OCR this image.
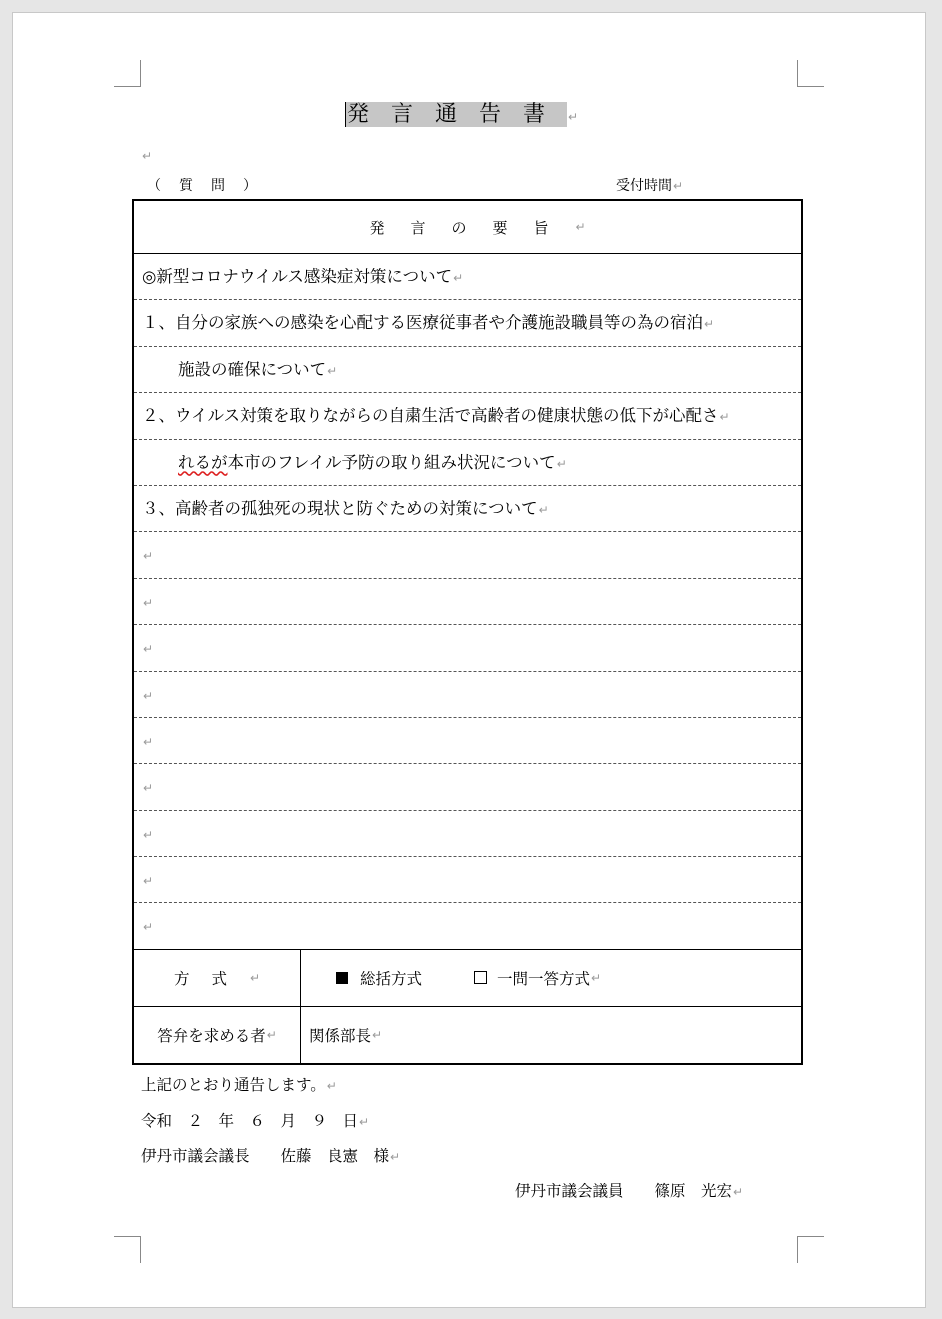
発言通告書↵
↵
（　質　問　）	受付時間↵
発言の要旨 ↵
◎新型コロナウイルス感染症対策について↵
１、自分の家族への感染を心配する医療従事者や介護施設職員等の為の宿泊↵
施設の確保について↵
２、ウイルス対策を取りながらの自粛生活で高齢者の健康状態の低下が心配さ↵
れるが本市のフレイル予防の取り組み状況について↵
３、高齢者の孤独死の現状と防ぐための対策について↵
↵
↵
↵
↵
↵
↵
↵
↵
↵
方式 ↵	総括方式	一問一答方式 ↵
答弁を求める者 ↵ 関係部長 ↵
上記のとおり通告します。↵
令和　２　年　６　月　９　日↵
伊丹市議会議長　　佐藤　良憲　様↵
伊丹市議会議員　　篠原　光宏↵
